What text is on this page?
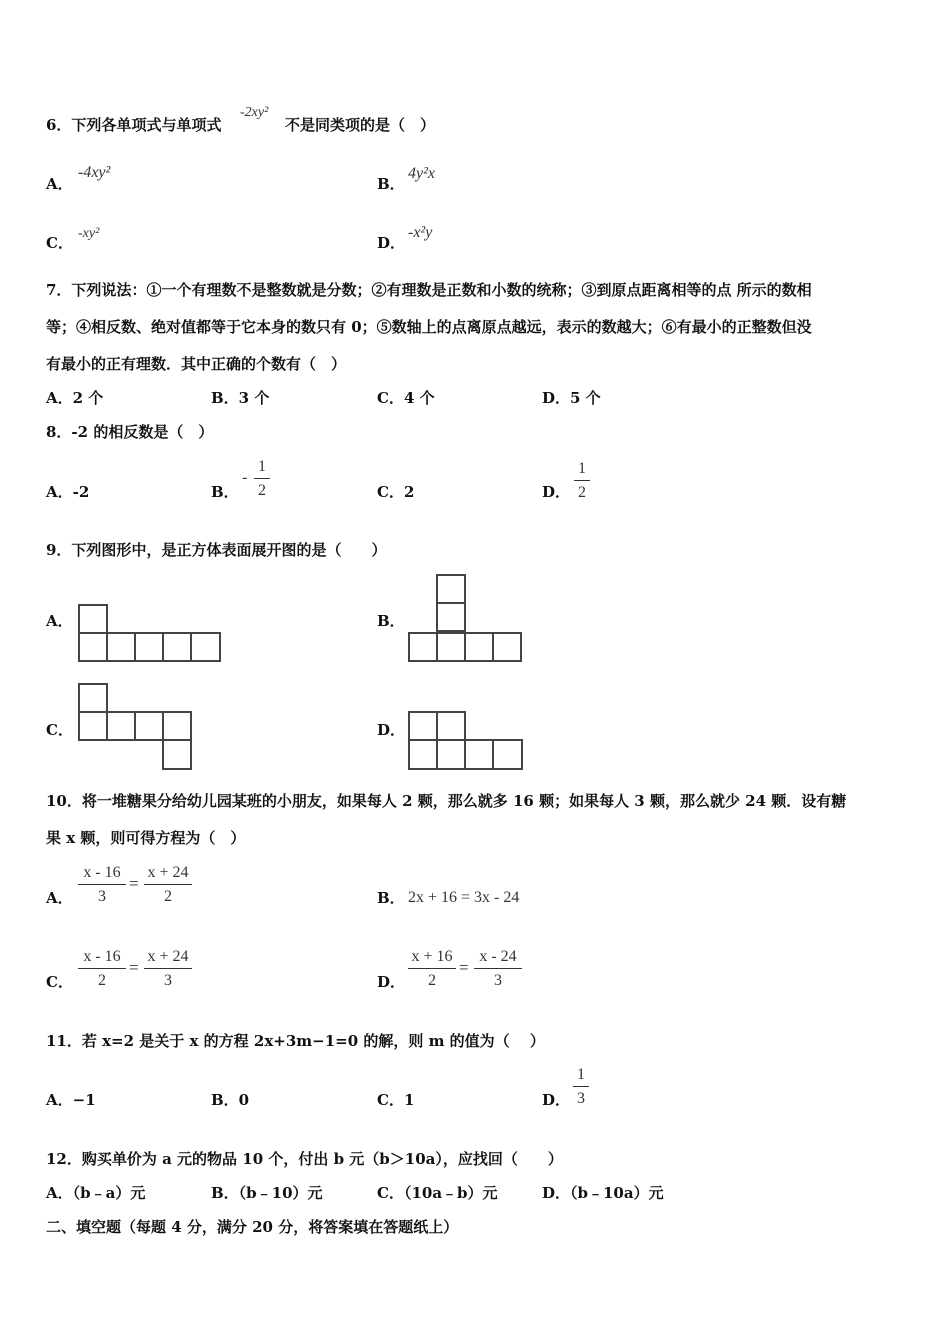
6．下列各单项式与单项式
-2xy²
不是同类项的是（　）
A．
-4xy²
B．
4y²x
C．
-xy²
D．
-x²y
7．下列说法：①一个有理数不是整数就是分数；②有理数是正数和小数的统称；③到原点距离相等的点 所示的数相
等；④相反数、绝对值都等于它本身的数只有 0；⑤数轴上的点离原点越远，表示的数越大；⑥有最小的正整数但没
有最小的正有理数．其中正确的个数有（　）
A．2 个	B．3 个	C．4 个	D．5 个
8．-2 的相反数是（　）
A．-2	B．
- $\frac{1}{2}$	C．2	D． $\frac{1}{2}$
9．下列图形中，是正方体表面展开图的是（　　）
A．	B．
C．	D．
10．将一堆糖果分给幼儿园某班的小朋友，如果每人 2 颗，那么就多 16 颗；如果每人 3 颗，那么就少 24 颗．设有糖
果 x 颗，则可得方程为（　）
A． $\frac{x - 16}{3} = \frac{x + 24}{2}$	B． 2x + 16 = 3x - 24
C． $\frac{x - 16}{2} = \frac{x + 24}{3}$	D． $\frac{x + 16}{2} = \frac{x - 24}{3}$
11．若 x=2 是关于 x 的方程 2x+3m−1=0 的解，则 m 的值为（　 ）
A．−1	B．0	C．1	D． $\frac{1}{3}$
12．购买单价为 a 元的物品 10 个，付出 b 元（b＞10a），应找回（　　）
A．（b﹣a）元	B．（b﹣10）元	C．（10a﹣b）元	D．（b﹣10a）元
二、填空题（每题 4 分，满分 20 分，将答案填在答题纸上）
